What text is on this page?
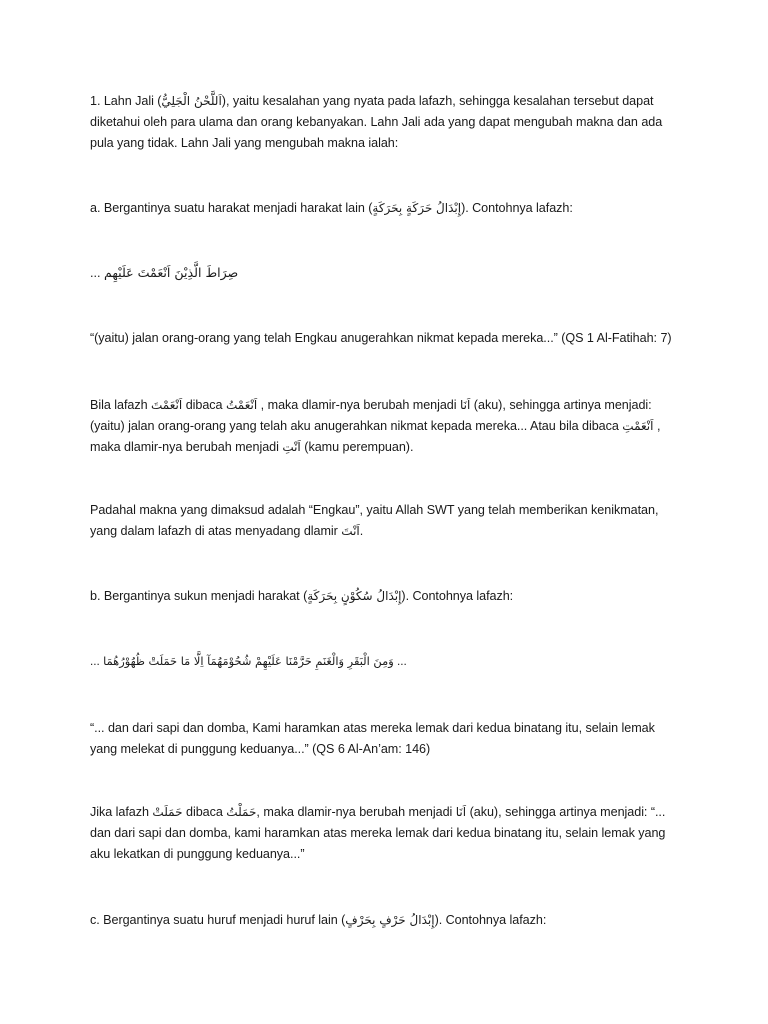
1. Lahn Jali (اَللَّحْنُ الْجَلِيُّ), yaitu kesalahan yang nyata pada lafazh, sehingga kesalahan tersebut dapat diketahui oleh para ulama dan orang kebanyakan. Lahn Jali ada yang dapat mengubah makna dan ada pula yang tidak. Lahn Jali yang mengubah makna ialah:

a. Bergantinya suatu harakat menjadi harakat lain (إِبْدَالُ حَرَكَةٍ بِحَرَكَةٍ). Contohnya lafazh:

... صِرَاطَ الَّذِيْنَ اَنْعَمْتَ عَلَيْهِم

“(yaitu) jalan orang-orang yang telah Engkau anugerahkan nikmat kepada mereka...” (QS 1 Al-Fatihah: 7)

Bila lafazh اَنْعَمْتَ dibaca اَنْعَمْتُ , maka dlamir-nya berubah menjadi اَنَا (aku), sehingga artinya menjadi: (yaitu) jalan orang-orang yang telah aku anugerahkan nikmat kepada mereka... Atau bila dibaca اَنْعَمْتِ , maka dlamir-nya berubah menjadi اَنْتِ (kamu perempuan).

Padahal makna yang dimaksud adalah “Engkau”, yaitu Allah SWT yang telah memberikan kenikmatan, yang dalam lafazh di atas menyadang dlamir اَنْتَ.

b. Bergantinya sukun menjadi harakat (إِبْدَالُ سُكُوْنٍ بِحَرَكَةٍ). Contohnya lafazh:

... وَمِنَ الْبَقَرِ وَالْغَنَمِ حَرَّمْنَا عَلَيْهِمْ شُحُوْمَهُمَآ اِلَّا مَا حَمَلَتْ ظُهُوْرُهُمَا ...

“... dan dari sapi dan domba, Kami haramkan atas mereka lemak dari kedua binatang itu, selain lemak yang melekat di punggung keduanya...” (QS 6 Al-An’am: 146)

Jika lafazh حَمَلَتْ dibaca حَمَلْتُ, maka dlamir-nya berubah menjadi اَنَا (aku), sehingga artinya menjadi: “... dan dari sapi dan domba, kami haramkan atas mereka lemak dari kedua binatang itu, selain lemak yang aku lekatkan di punggung keduanya...”

c. Bergantinya suatu huruf menjadi huruf lain (إِبْدَالُ حَرْفٍ بِحَرْفٍ). Contohnya lafazh:
